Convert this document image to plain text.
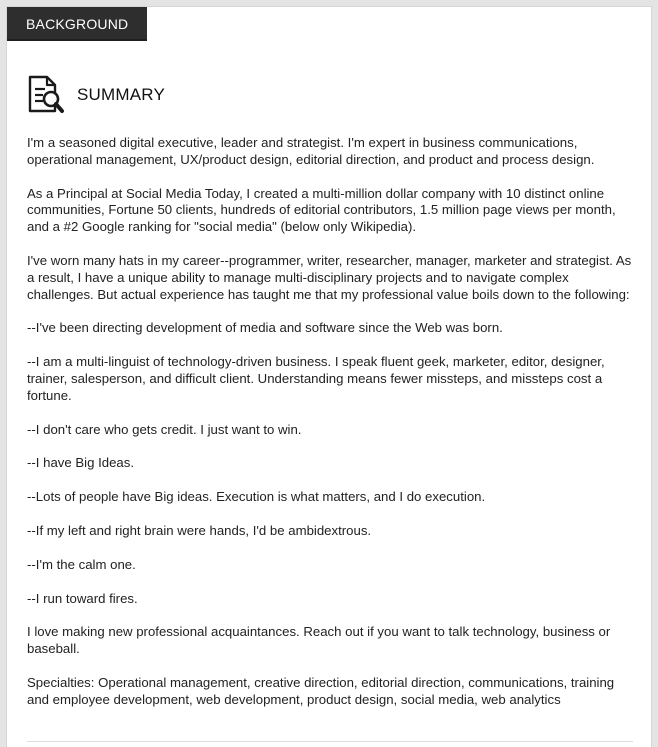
BACKGROUND
SUMMARY

I'm a seasoned digital executive, leader and strategist. I'm expert in business communications, operational management, UX/product design, editorial direction, and product and process design.

As a Principal at Social Media Today, I created a multi-million dollar company with 10 distinct online communities, Fortune 50 clients, hundreds of editorial contributors, 1.5 million page views per month, and a #2 Google ranking for "social media" (below only Wikipedia).

I've worn many hats in my career--programmer, writer, researcher, manager, marketer and strategist. As a result, I have a unique ability to manage multi-disciplinary projects and to navigate complex challenges. But actual experience has taught me that my professional value boils down to the following:

--I've been directing development of media and software since the Web was born.

--I am a multi-linguist of technology-driven business. I speak fluent geek, marketer, editor, designer, trainer, salesperson, and difficult client. Understanding means fewer missteps, and missteps cost a fortune.

--I don't care who gets credit. I just want to win.

--I have Big Ideas.

--Lots of people have Big ideas. Execution is what matters, and I do execution.

--If my left and right brain were hands, I'd be ambidextrous.

--I'm the calm one.

--I run toward fires.

I love making new professional acquaintances. Reach out if you want to talk technology, business or baseball.

Specialties: Operational management, creative direction, editorial direction, communications, training and employee development, web development, product design, social media, web analytics
